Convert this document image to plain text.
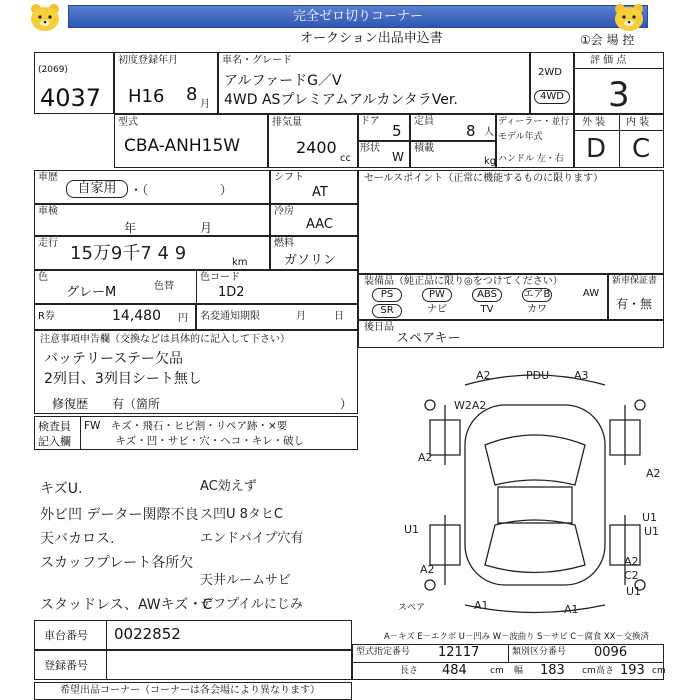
完全ゼロ切りコーナー
オークション出品申込書	①会 場 控
(2069)
4037
初度登録年月
H16 8 月
車名・グレード
アルファードG／V
4WD ASプレミアムアルカンタラVer.
2WD
4WD
評 価 点
3
型式
CBA-ANH15W
排気量
2400
cc
ドア
5
定員
8 人
形状
W
積載
kg
ディーラー・並行
モデル年式
ハンドル 左・右
外 装 内 装
D C
車歴
自家用	・（　　　　　　）
シフト
AT
車検
年	月
冷房
AAC
走行 15万9千7 4 9	km
燃料
ガソリン
色
グレーM	色替
色コード
1D2
R券	14,480 円 名変通知期限	月	日
セールスポイント（正常に機能するものに限ります）
装備品（純正品に限り◎をつけてください）
PS	PW	ABS	エアB	AW
SR	ナビ	TV	カワ
新車保証書
有・無
後日品
スペアキー
注意事項申告欄（交換などは具体的に記入して下さい）
バッテリーステー欠品
2列目、3列目シート無し
修復歴　　有（箇所	）
検査員
記入欄
FW　キズ・飛石・ヒビ割・リペア跡・×要
　　　キズ・凹・サビ・穴・へコ・キレ・破し
キズU.
外ビ凹 データー関際不良
天バカロス.
スカッフプレート各所欠
スタッドレス、AWキズ・C
AC効えず
ス凹U 8タヒC
エンドパイプ穴有
天井ルームサビ
デフプイルにじみ
A2	PDU A3
W2A2
A2
A2
U1
U1
U1
A2
A2
C2
U1
A1	A1
スペア
車台番号 0022852
登録番号
A－キズ E－エクボ U－凹み W－波曲り S－サビ C－腐食 XX－交換済
型式指定番号 12117	類別区分番号 0096
長さ 484	cm 幅 183 cm 高さ 193 cm
希望出品コーナー（コーナーは各会場により異なります）
